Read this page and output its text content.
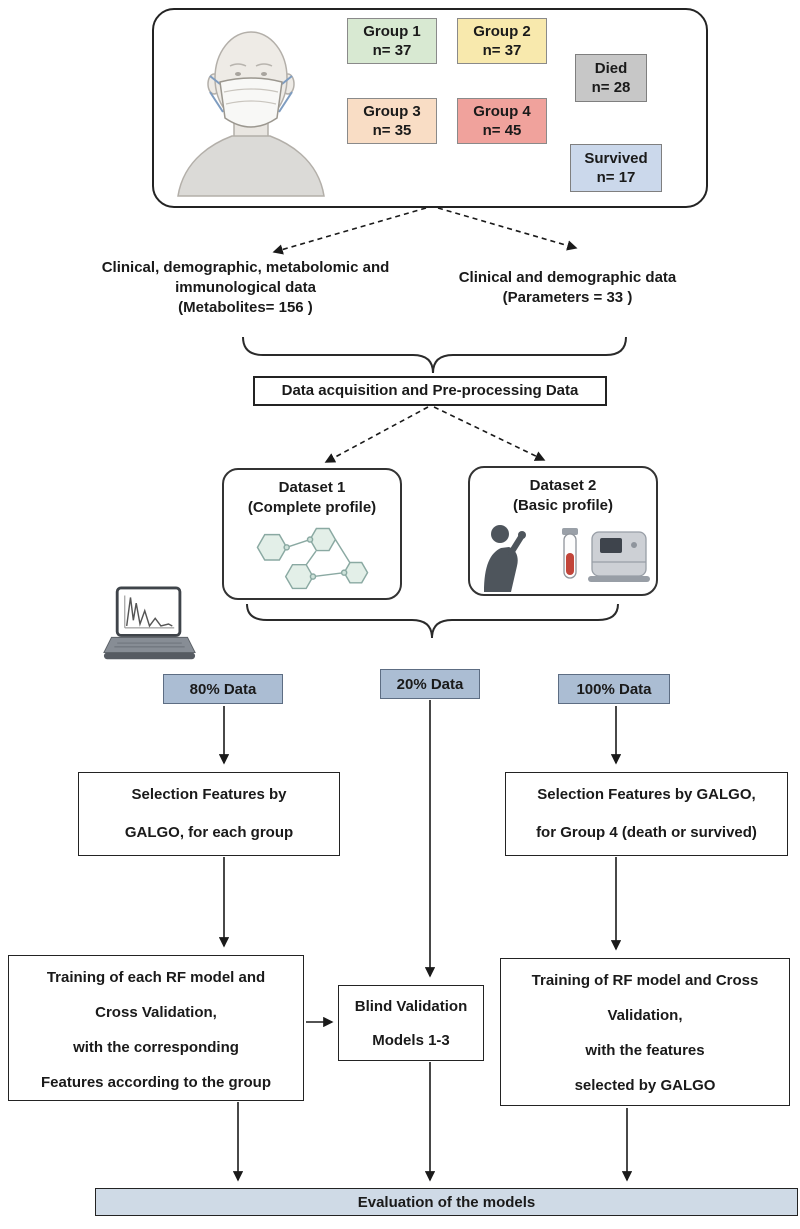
Group 1
n= 37
Group 2
n= 37
Group 3
n= 35
Group 4
n= 45
Died
n= 28
Survived
n= 17
Clinical, demographic, metabolomic and
immunological data
(Metabolites= 156 )
Clinical and demographic data
(Parameters = 33 )
Data acquisition and Pre-processing Data
Dataset 1
(Complete profile)
Dataset 2
(Basic profile)
80% Data	20% Data	100% Data
Selection Features by
GALGO, for each group
Selection Features by GALGO,
for Group 4 (death or survived)
Training of each RF model and
Cross Validation,
with the corresponding
Features according to the group
Blind Validation
Models 1-3
Training of RF model and Cross
Validation,
with the features
selected by GALGO
Evaluation of the models
